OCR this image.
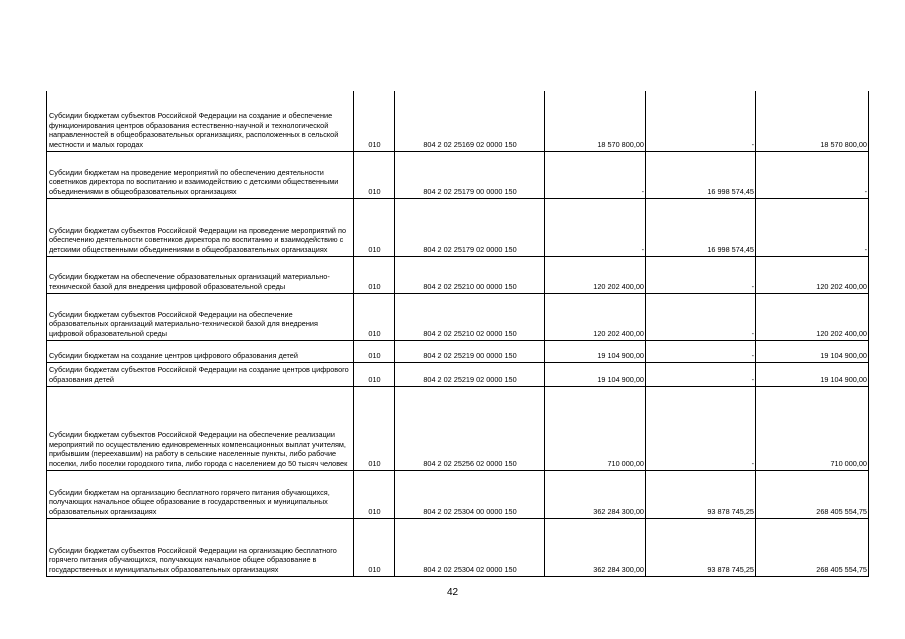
Субсидии бюджетам субъектов Российской Федерации на создание и обеспечение функционирования центров образования естественно-научной и технологической направленностей в общеобразовательных организациях, расположенных в сельской местности и малых городах	010	804 2 02 25169 02 0000 150	18 570 800,00	-	18 570 800,00
Субсидии бюджетам на проведение мероприятий по обеспечению деятельности советников директора по воспитанию и взаимодействию с детскими общественными объединениями в общеобразовательных организациях	010	804 2 02 25179 00 0000 150	-	16 998 574,45	-
Субсидии бюджетам субъектов Российской Федерации на проведение мероприятий по обеспечению деятельности советников директора по воспитанию и взаимодействию с детскими общественными объединениями в общеобразовательных организациях	010	804 2 02 25179 02 0000 150	-	16 998 574,45	-
Субсидии бюджетам на обеспечение образовательных организаций материально-технической базой для внедрения цифровой образовательной среды	010	804 2 02 25210 00 0000 150	120 202 400,00	-	120 202 400,00
Субсидии бюджетам субъектов Российской Федерации на обеспечение образовательных организаций материально-технической базой для внедрения цифровой образовательной среды	010	804 2 02 25210 02 0000 150	120 202 400,00	-	120 202 400,00
Субсидии бюджетам на создание центров цифрового образования детей	010	804 2 02 25219 00 0000 150	19 104 900,00	-	19 104 900,00
Субсидии бюджетам субъектов Российской Федерации на создание центров цифрового образования детей	010	804 2 02 25219 02 0000 150	19 104 900,00	-	19 104 900,00
Субсидии бюджетам субъектов Российской Федерации на обеспечение реализации мероприятий по осуществлению единовременных компенсационных выплат учителям, прибывшим (переехавшим) на работу в сельские населенные пункты, либо рабочие поселки, либо поселки городского типа, либо города с населением до 50 тысяч человек	010	804 2 02 25256 02 0000 150	710 000,00	-	710 000,00
Субсидии бюджетам на организацию бесплатного горячего питания обучающихся, получающих начальное общее образование в государственных и муниципальных образовательных организациях	010	804 2 02 25304 00 0000 150	362 284 300,00	93 878 745,25	268 405 554,75
Субсидии бюджетам субъектов Российской Федерации на организацию бесплатного горячего питания обучающихся, получающих начальное общее образование в государственных и муниципальных образовательных организациях	010	804 2 02 25304 02 0000 150	362 284 300,00	93 878 745,25	268 405 554,75
42
